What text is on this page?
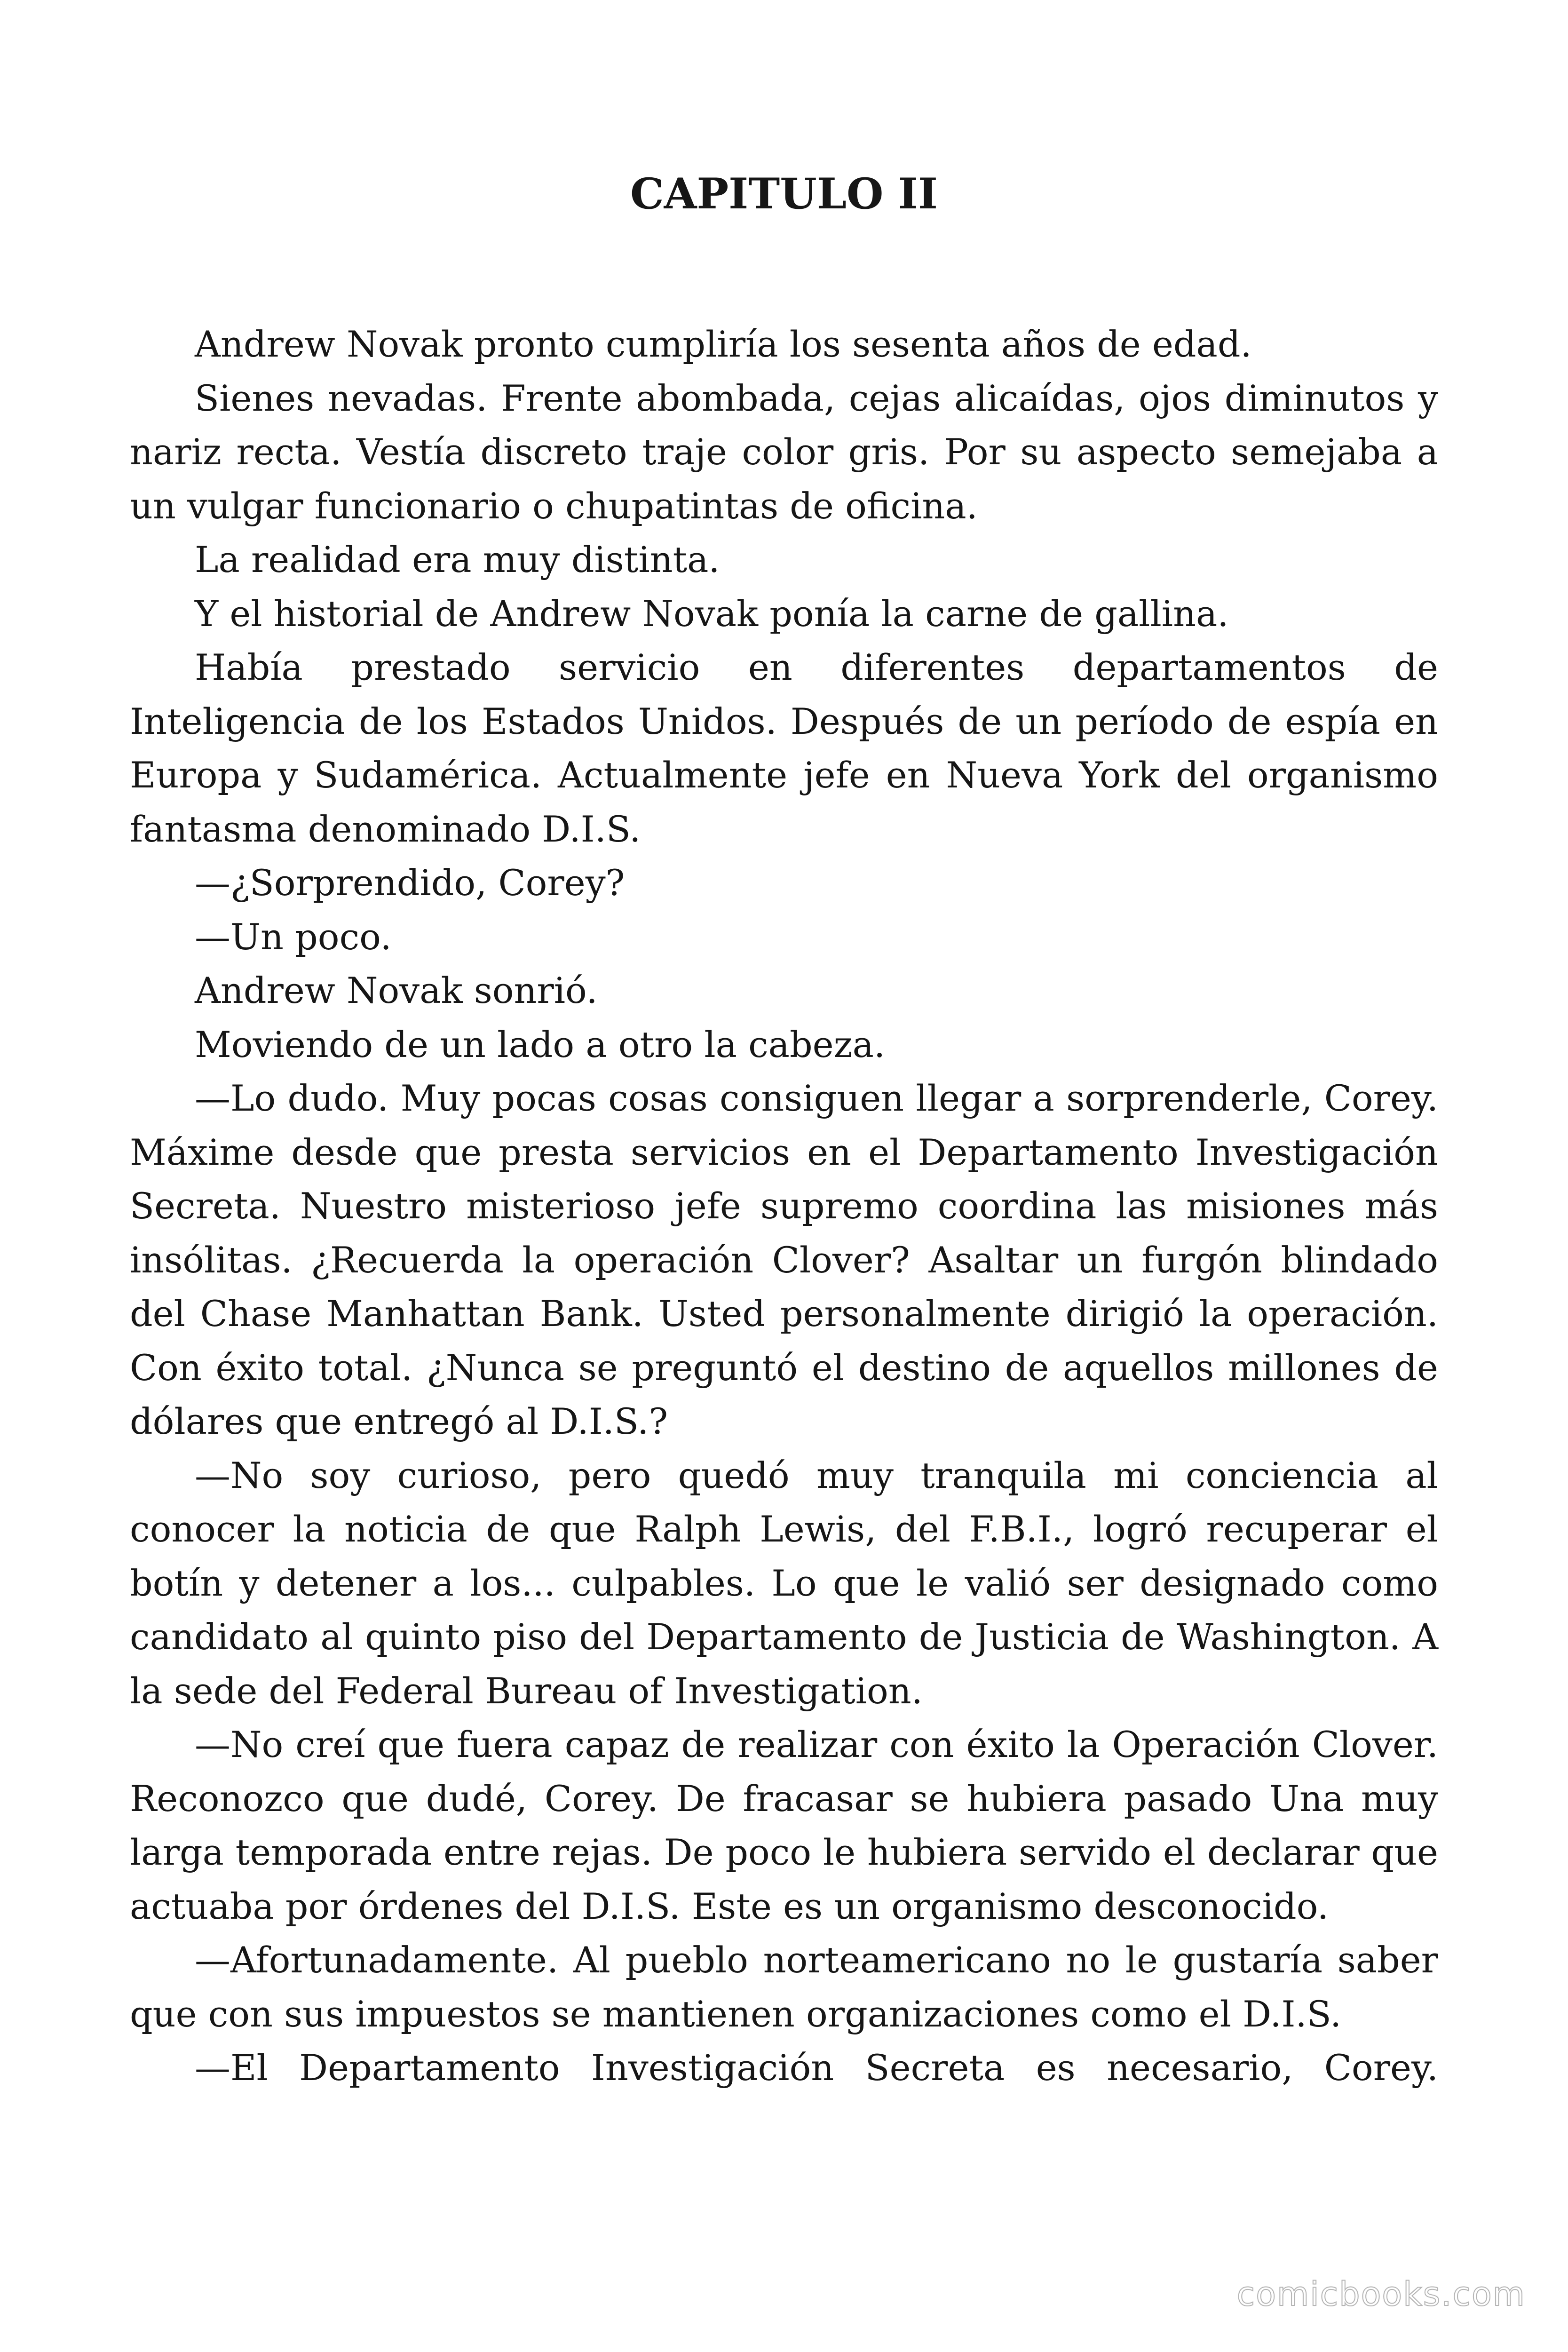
CAPITULO II

Andrew Novak pronto cumpliría los sesenta años de edad.

Sienes nevadas. Frente abombada, cejas alicaídas, ojos diminutos y nariz recta. Vestía discreto traje color gris. Por su aspecto semejaba a un vulgar funcionario o chupatintas de oficina.

La realidad era muy distinta.

Y el historial de Andrew Novak ponía la carne de gallina.

Había prestado servicio en diferentes departamentos de Inteligencia de los Estados Unidos. Después de un período de espía en Europa y Sudamérica. Actualmente jefe en Nueva York del organismo fantasma denominado D.I.S.

—¿Sorprendido, Corey?

—Un poco.

Andrew Novak sonrió.

Moviendo de un lado a otro la cabeza.

—Lo dudo. Muy pocas cosas consiguen llegar a sorprenderle, Corey. Máxime desde que presta servicios en el Departamento Investigación Secreta. Nuestro misterioso jefe supremo coordina las misiones más insólitas. ¿Recuerda la operación Clover? Asaltar un furgón blindado del Chase Manhattan Bank. Usted personalmente dirigió la operación. Con éxito total. ¿Nunca se preguntó el destino de aquellos millones de dólares que entregó al D.I.S.?

—No soy curioso, pero quedó muy tranquila mi conciencia al conocer la noticia de que Ralph Lewis, del F.B.I., logró recuperar el botín y detener a los... culpables. Lo que le valió ser designado como candidato al quinto piso del Departamento de Justicia de Washington. A la sede del Federal Bureau of Investigation.

—No creí que fuera capaz de realizar con éxito la Operación Clover. Reconozco que dudé, Corey. De fracasar se hubiera pasado Una muy larga temporada entre rejas. De poco le hubiera servido el declarar que actuaba por órdenes del D.I.S. Este es un organismo desconocido.

—Afortunadamente. Al pueblo norteamericano no le gustaría saber que con sus impuestos se mantienen organizaciones como el D.I.S.

—El Departamento Investigación Secreta es necesario, Corey.

comicbooks.com
